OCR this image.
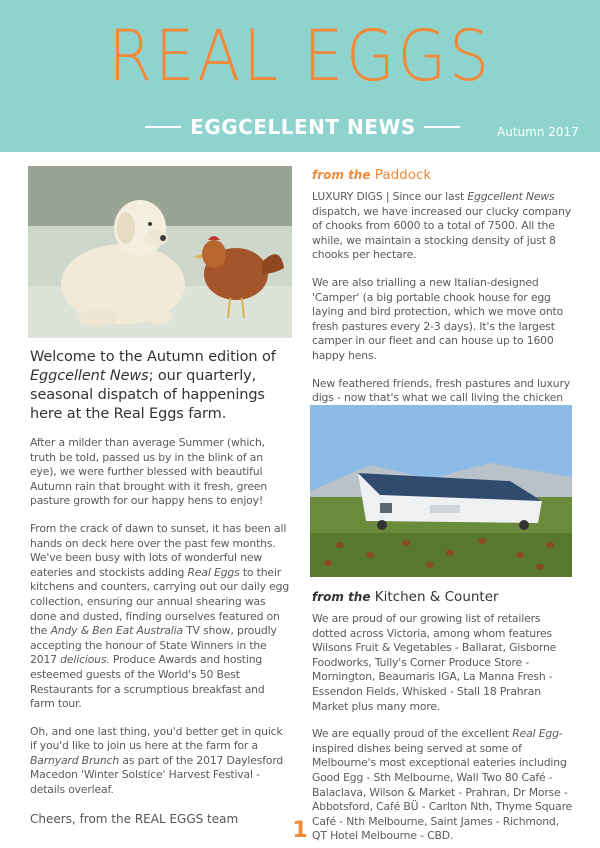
REAL EGGS
EGGCELLENT NEWS	Autumn 2017

Welcome to the Autumn edition of Eggcellent News; our quarterly, seasonal dispatch of happenings here at the Real Eggs farm.

After a milder than average Summer (which, truth be told, passed us by in the blink of an eye), we were further blessed with beautiful Autumn rain that brought with it fresh, green pasture growth for our happy hens to enjoy!

From the crack of dawn to sunset, it has been all hands on deck here over the past few months. We've been busy with lots of wonderful new eateries and stockists adding Real Eggs to their kitchens and counters, carrying out our daily egg collection, ensuring our annual shearing was done and dusted, finding ourselves featured on the Andy & Ben Eat Australia TV show, proudly accepting the honour of State Winners in the 2017 delicious. Produce Awards and hosting esteemed guests of the World's 50 Best Restaurants for a scrumptious breakfast and farm tour.

Oh, and one last thing, you'd better get in quick if you'd like to join us here at the farm for a Barnyard Brunch as part of the 2017 Daylesford Macedon 'Winter Solstice' Harvest Festival - details overleaf.

Cheers, from the REAL EGGS team

from the Paddock

LUXURY DIGS | Since our last Eggcellent News dispatch, we have increased our clucky company of chooks from 6000 to a total of 7500. All the while, we maintain a stocking density of just 8 chooks per hectare.

We are also trialling a new Italian-designed 'Camper' (a big portable chook house for egg laying and bird protection, which we move onto fresh pastures every 2-3 days). It's the largest camper in our fleet and can house up to 1600 happy hens.

New feathered friends, fresh pastures and luxury digs - now that's what we call living the chicken

from the Kitchen & Counter

We are proud of our growing list of retailers dotted across Victoria, among whom features Wilsons Fruit & Vegetables - Ballarat, Gisborne Foodworks, Tully's Corner Produce Store - Mornington, Beaumaris IGA, La Manna Fresh - Essendon Fields, Whisked - Stall 18 Prahran Market plus many more.

We are equally proud of the excellent Real Egg-inspired dishes being served at some of Melbourne's most exceptional eateries including Good Egg - Sth Melbourne, Wall Two 80 Café - Balaclava, Wilson & Market - Prahran, Dr Morse - Abbotsford, Café BÜ - Carlton Nth, Thyme Square Café - Nth Melbourne, Saint James - Richmond, QT Hotel Melbourne - CBD.

1
